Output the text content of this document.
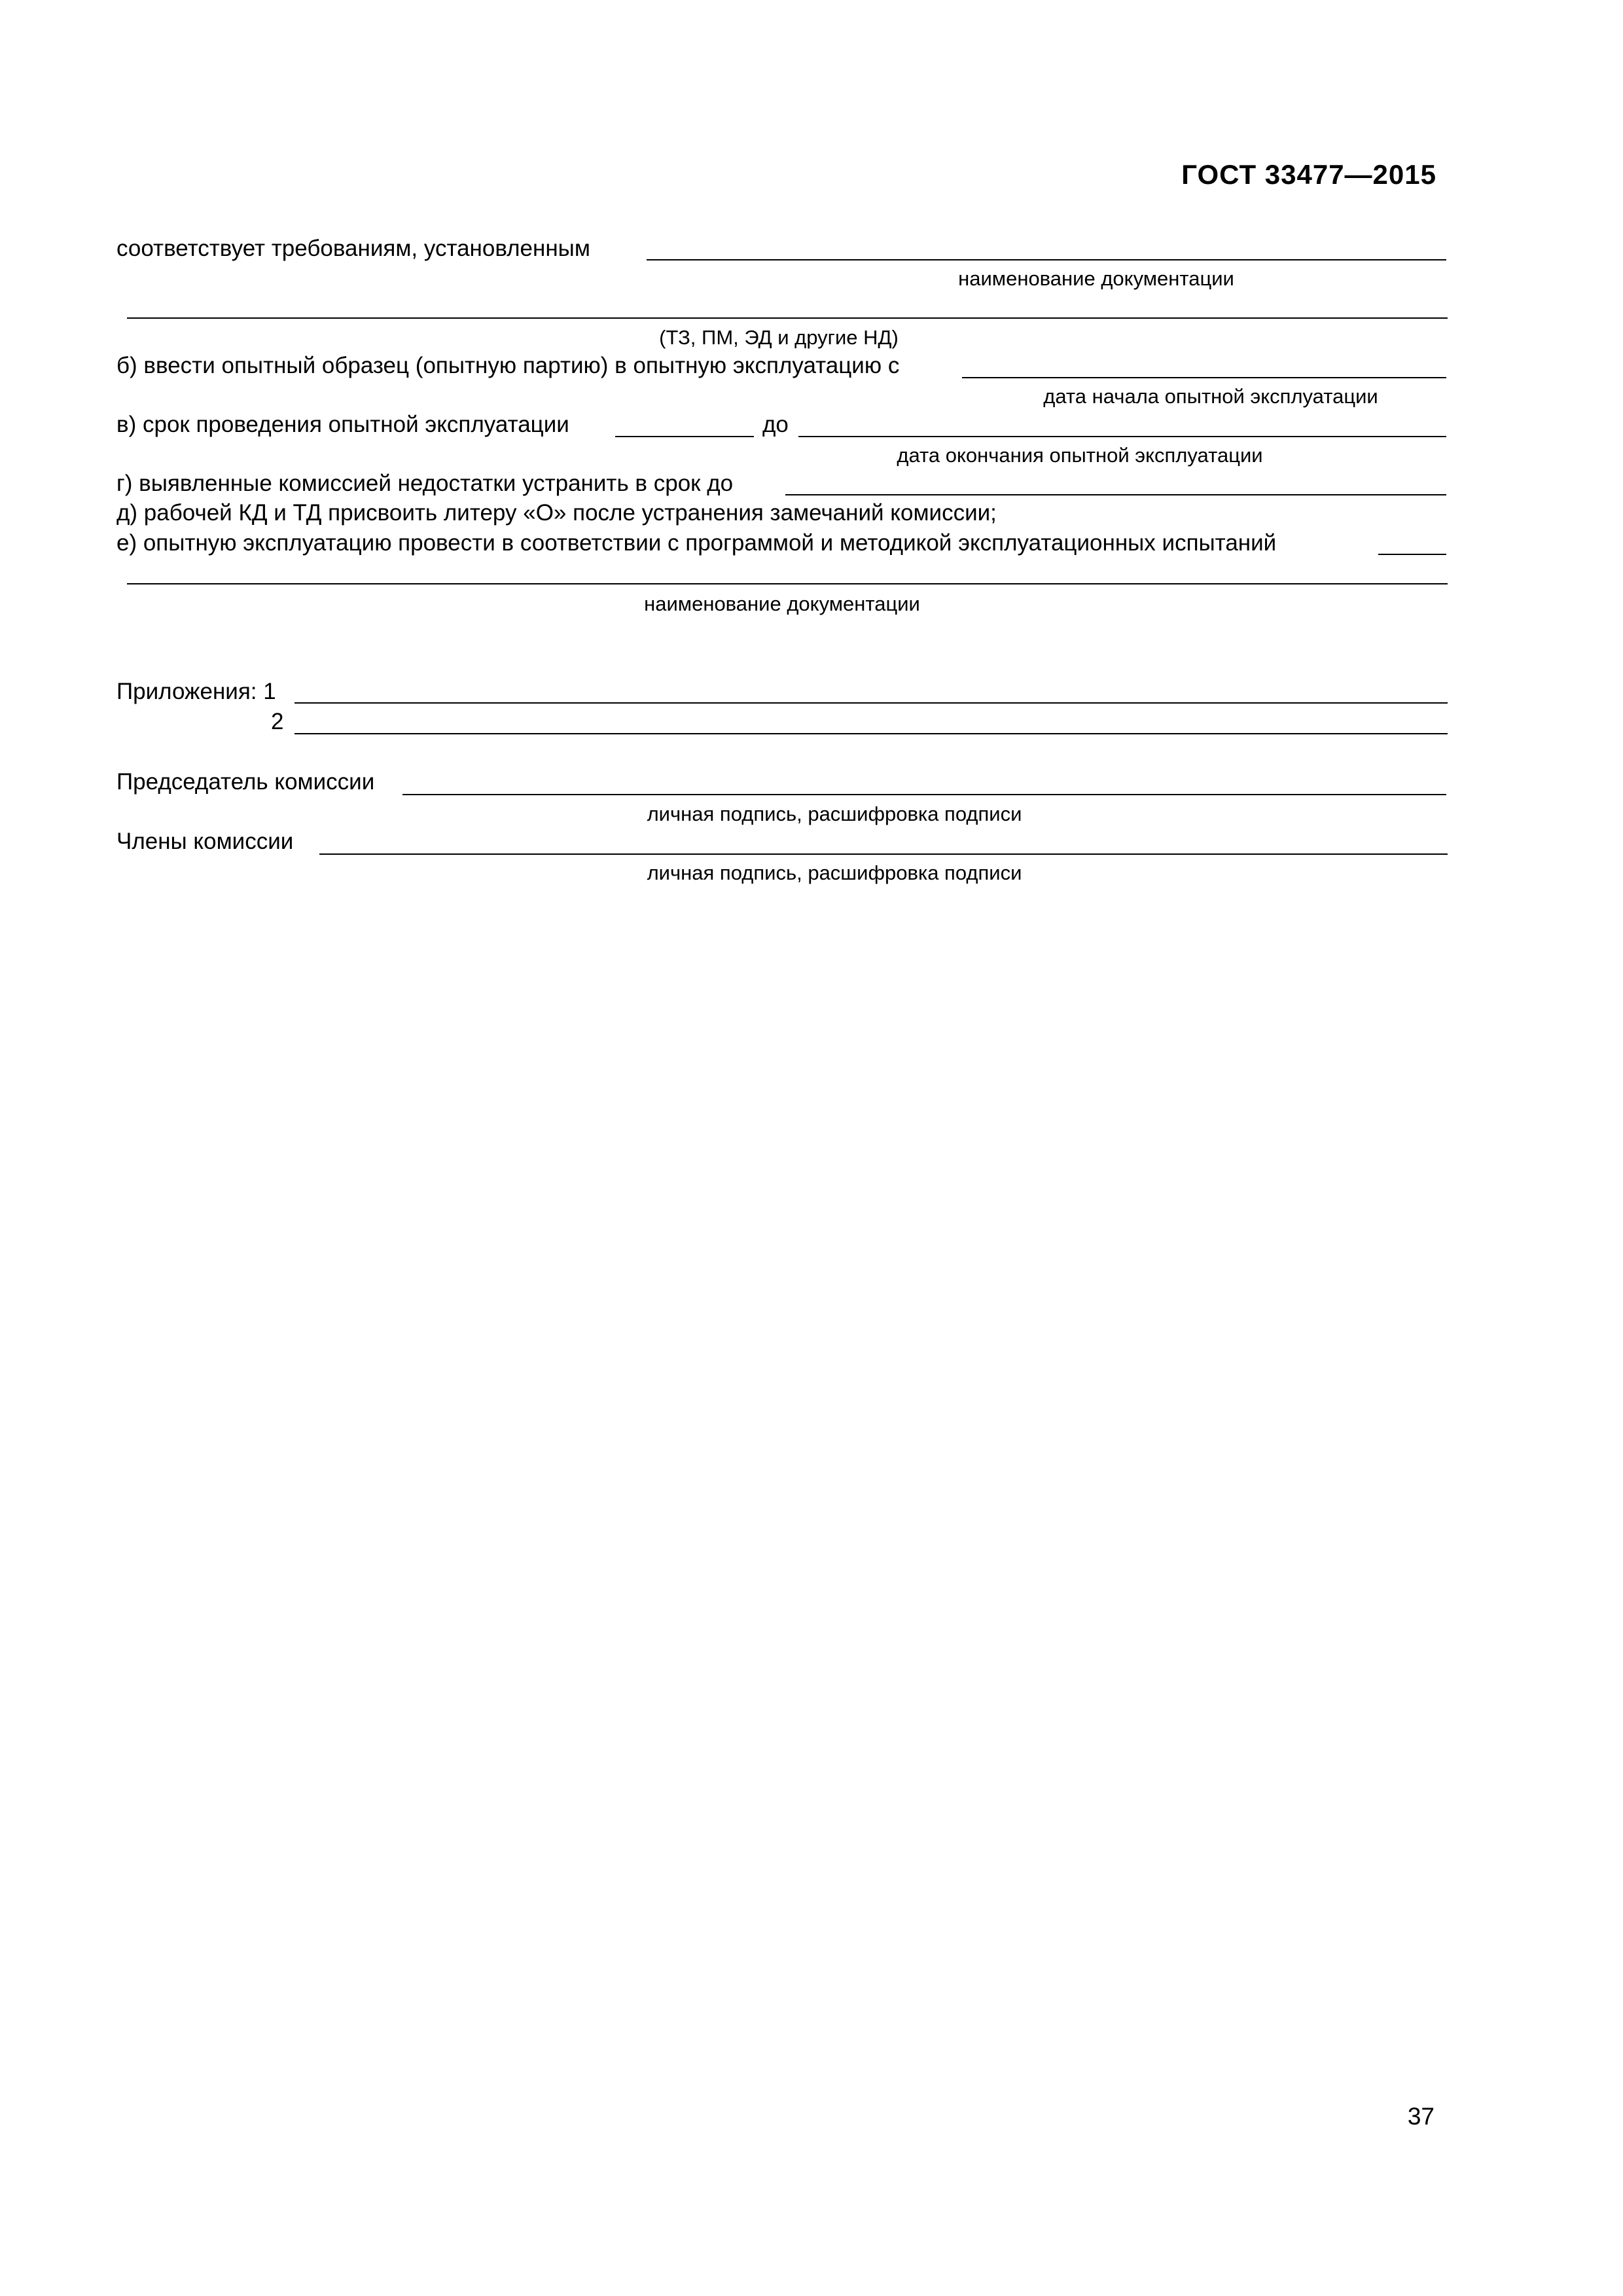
ГОСТ 33477—2015
соответствует требованиям, установленным
наименование документации
(ТЗ, ПМ, ЭД и другие НД)
б) ввести опытный образец (опытную партию) в опытную эксплуатацию с
дата начала опытной эксплуатации
в) срок проведения опытной эксплуатации	до
дата окончания опытной эксплуатации
г) выявленные комиссией недостатки устранить в срок до
д) рабочей КД и ТД присвоить литеру «О» после устранения замечаний комиссии;
е) опытную эксплуатацию провести в соответствии с программой и методикой эксплуатационных испытаний
наименование документации
Приложения: 1
2
Председатель комиссии
личная подпись, расшифровка подписи
Члены комиссии
личная подпись, расшифровка подписи
37
